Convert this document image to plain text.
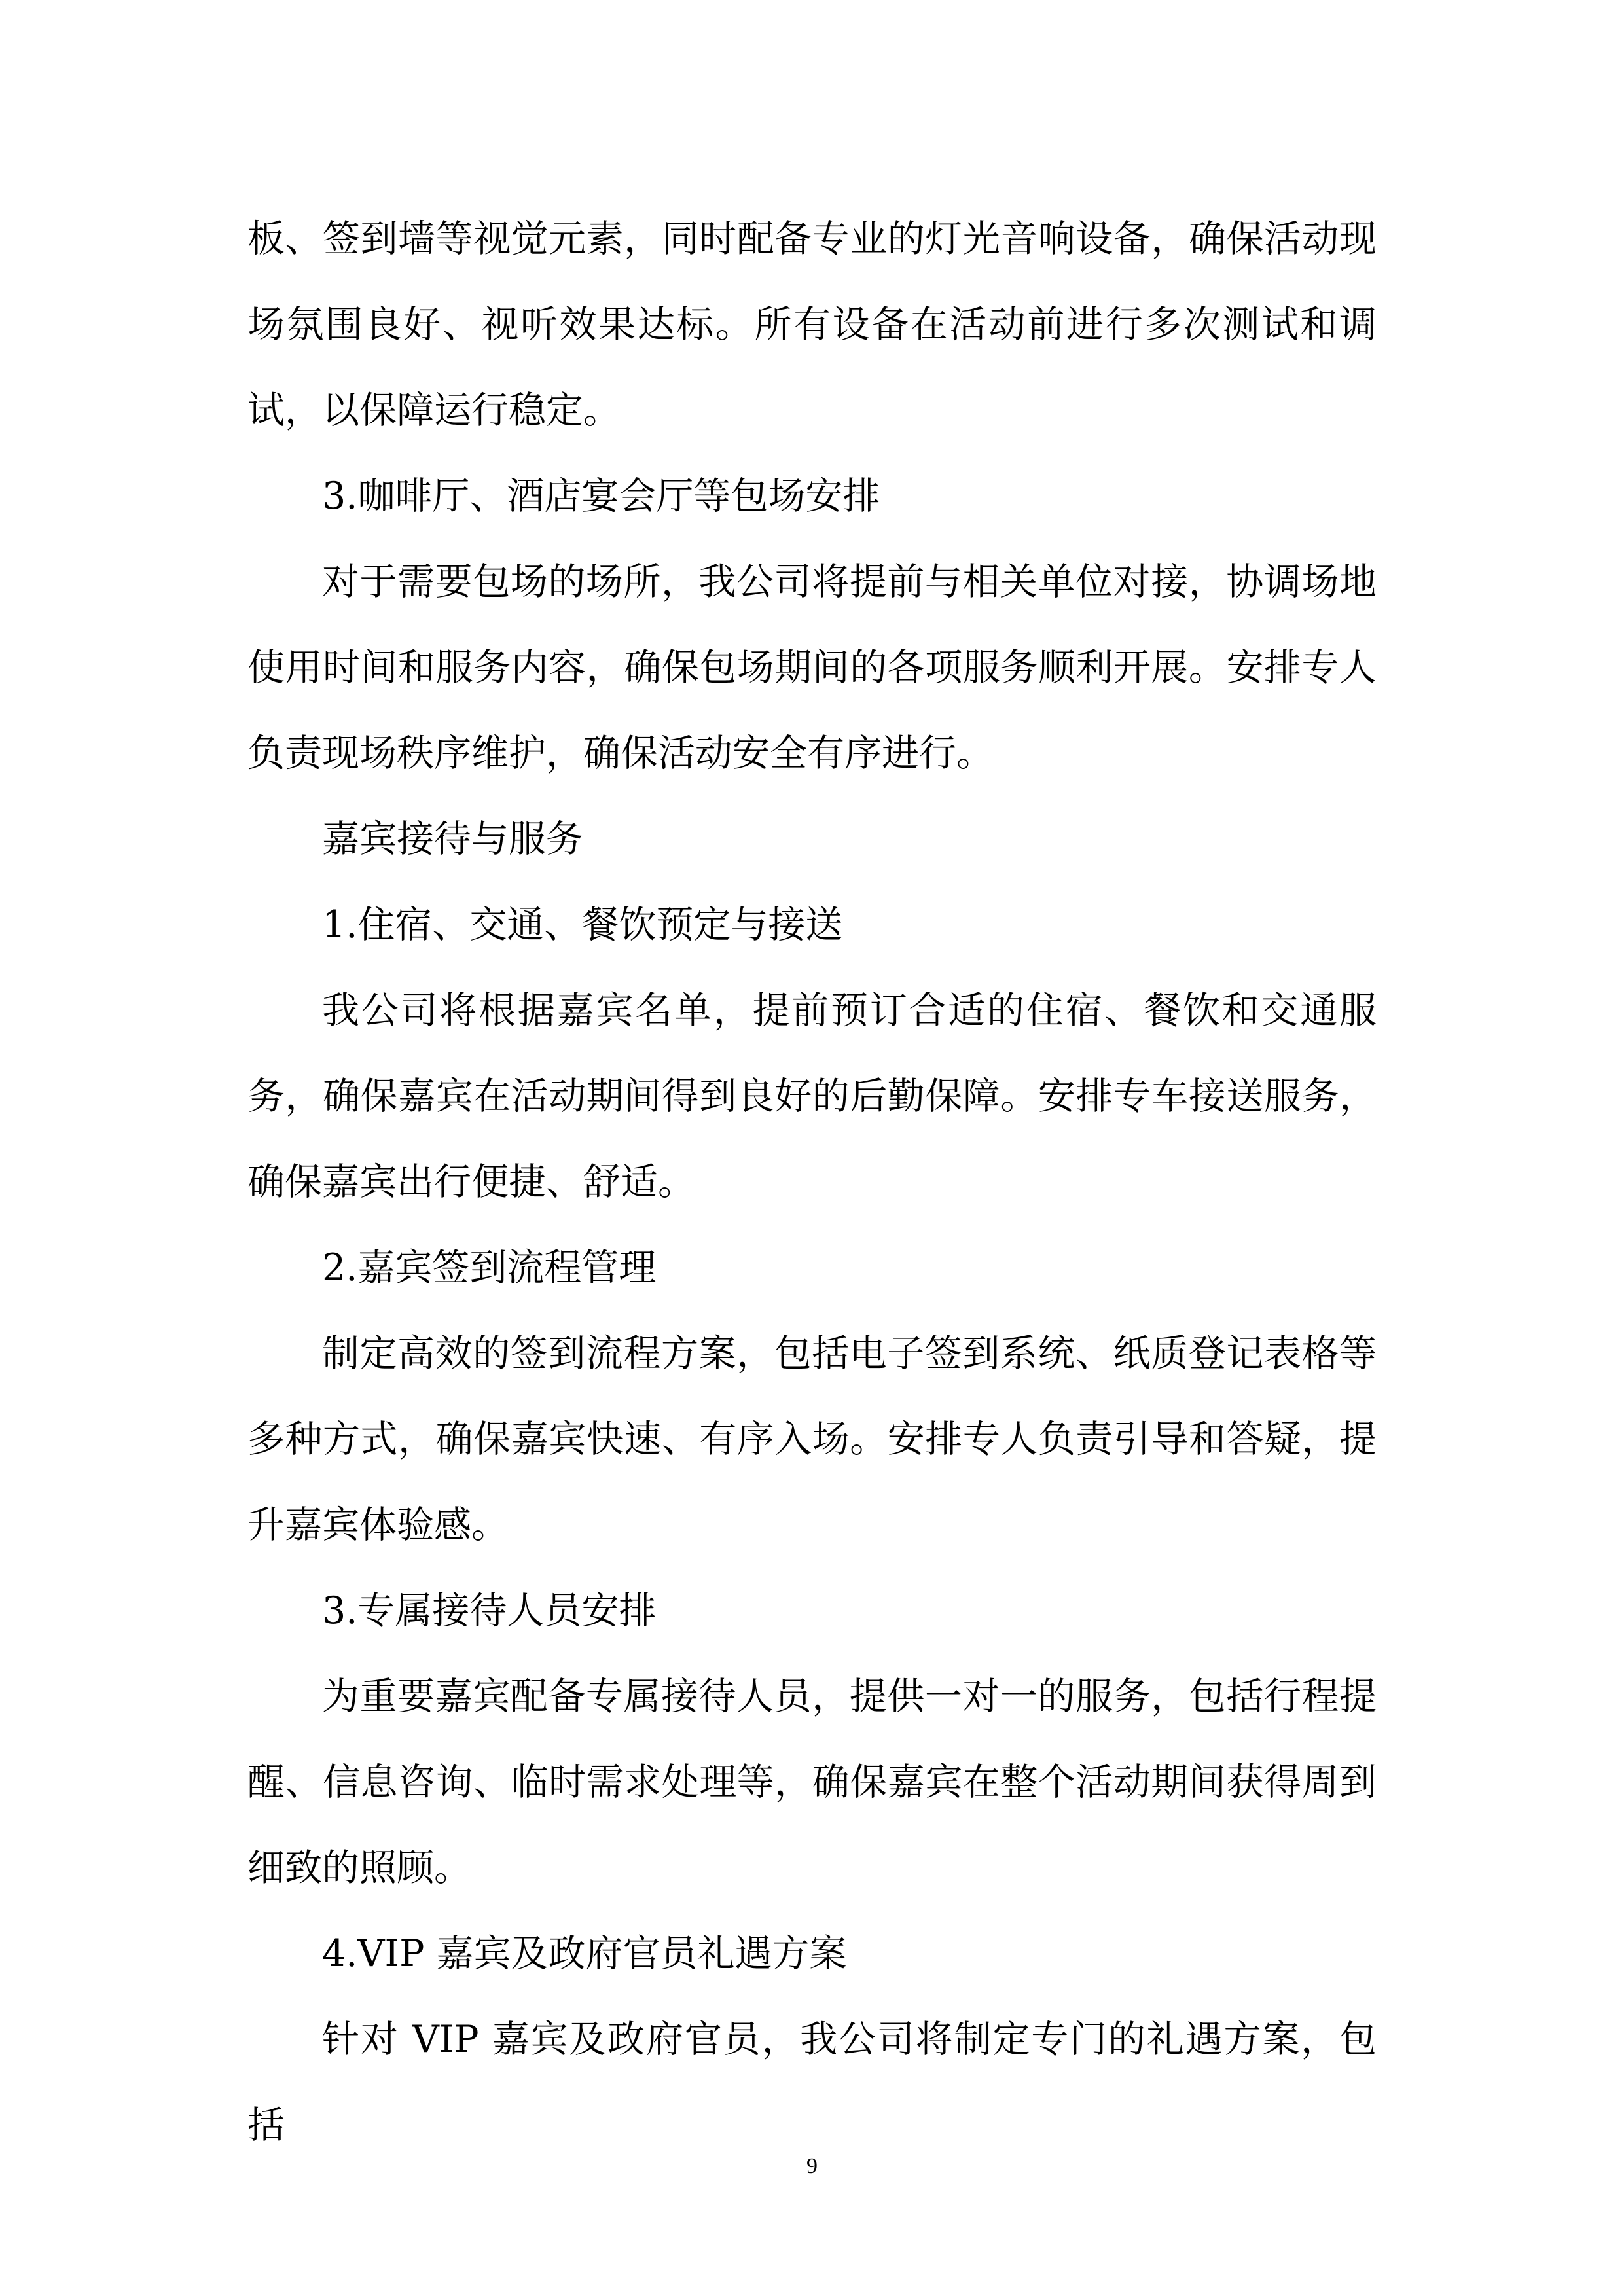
板、签到墙等视觉元素，同时配备专业的灯光音响设备，确保活动现场氛围良好、视听效果达标。所有设备在活动前进行多次测试和调试，以保障运行稳定。

3.咖啡厅、酒店宴会厅等包场安排

对于需要包场的场所，我公司将提前与相关单位对接，协调场地使用时间和服务内容，确保包场期间的各项服务顺利开展。安排专人负责现场秩序维护，确保活动安全有序进行。

嘉宾接待与服务

1.住宿、交通、餐饮预定与接送

我公司将根据嘉宾名单，提前预订合适的住宿、餐饮和交通服务，确保嘉宾在活动期间得到良好的后勤保障。安排专车接送服务，确保嘉宾出行便捷、舒适。

2.嘉宾签到流程管理

制定高效的签到流程方案，包括电子签到系统、纸质登记表格等多种方式，确保嘉宾快速、有序入场。安排专人负责引导和答疑，提升嘉宾体验感。

3.专属接待人员安排

为重要嘉宾配备专属接待人员，提供一对一的服务，包括行程提醒、信息咨询、临时需求处理等，确保嘉宾在整个活动期间获得周到细致的照顾。

4.VIP 嘉宾及政府官员礼遇方案

针对 VIP 嘉宾及政府官员，我公司将制定专门的礼遇方案，包括

9
